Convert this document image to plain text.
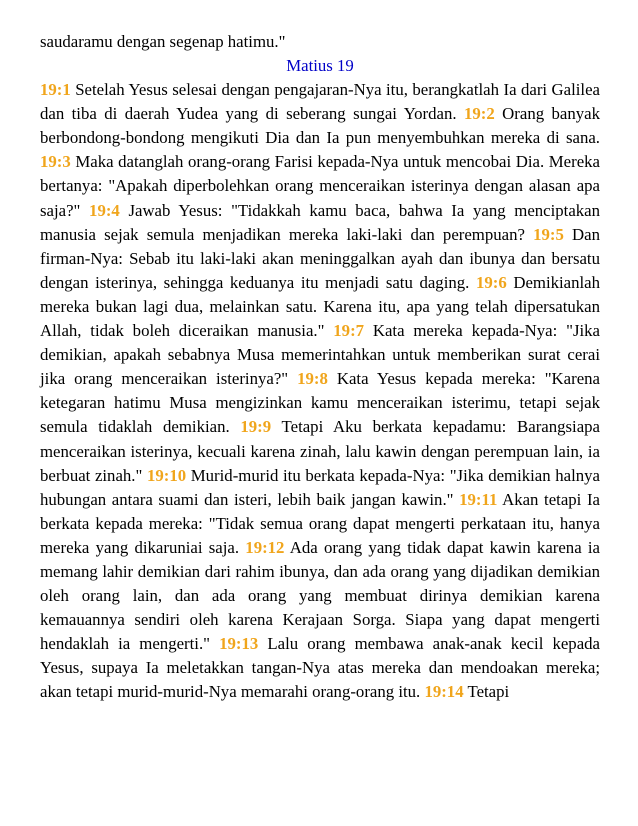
saudaramu dengan segenap hatimu."

Matius 19

19:1 Setelah Yesus selesai dengan pengajaran-Nya itu, berangkatlah Ia dari Galilea dan tiba di daerah Yudea yang di seberang sungai Yordan. 19:2 Orang banyak berbondong-bondong mengikuti Dia dan Ia pun menyembuhkan mereka di sana. 19:3 Maka datanglah orang-orang Farisi kepada-Nya untuk mencobai Dia. Mereka bertanya: "Apakah diperbolehkan orang menceraikan isterinya dengan alasan apa saja?" 19:4 Jawab Yesus: "Tidakkah kamu baca, bahwa Ia yang menciptakan manusia sejak semula menjadikan mereka laki-laki dan perempuan? 19:5 Dan firman-Nya: Sebab itu laki-laki akan meninggalkan ayah dan ibunya dan bersatu dengan isterinya, sehingga keduanya itu menjadi satu daging. 19:6 Demikianlah mereka bukan lagi dua, melainkan satu. Karena itu, apa yang telah dipersatukan Allah, tidak boleh diceraikan manusia." 19:7 Kata mereka kepada-Nya: "Jika demikian, apakah sebabnya Musa memerintahkan untuk memberikan surat cerai jika orang menceraikan isterinya?" 19:8 Kata Yesus kepada mereka: "Karena ketegaran hatimu Musa mengizinkan kamu menceraikan isterimu, tetapi sejak semula tidaklah demikian. 19:9 Tetapi Aku berkata kepadamu: Barangsiapa menceraikan isterinya, kecuali karena zinah, lalu kawin dengan perempuan lain, ia berbuat zinah." 19:10 Murid-murid itu berkata kepada-Nya: "Jika demikian halnya hubungan antara suami dan isteri, lebih baik jangan kawin." 19:11 Akan tetapi Ia berkata kepada mereka: "Tidak semua orang dapat mengerti perkataan itu, hanya mereka yang dikaruniai saja. 19:12 Ada orang yang tidak dapat kawin karena ia memang lahir demikian dari rahim ibunya, dan ada orang yang dijadikan demikian oleh orang lain, dan ada orang yang membuat dirinya demikian karena kemauannya sendiri oleh karena Kerajaan Sorga. Siapa yang dapat mengerti hendaklah ia mengerti." 19:13 Lalu orang membawa anak-anak kecil kepada Yesus, supaya Ia meletakkan tangan-Nya atas mereka dan mendoakan mereka; akan tetapi murid-murid-Nya memarahi orang-orang itu. 19:14 Tetapi
